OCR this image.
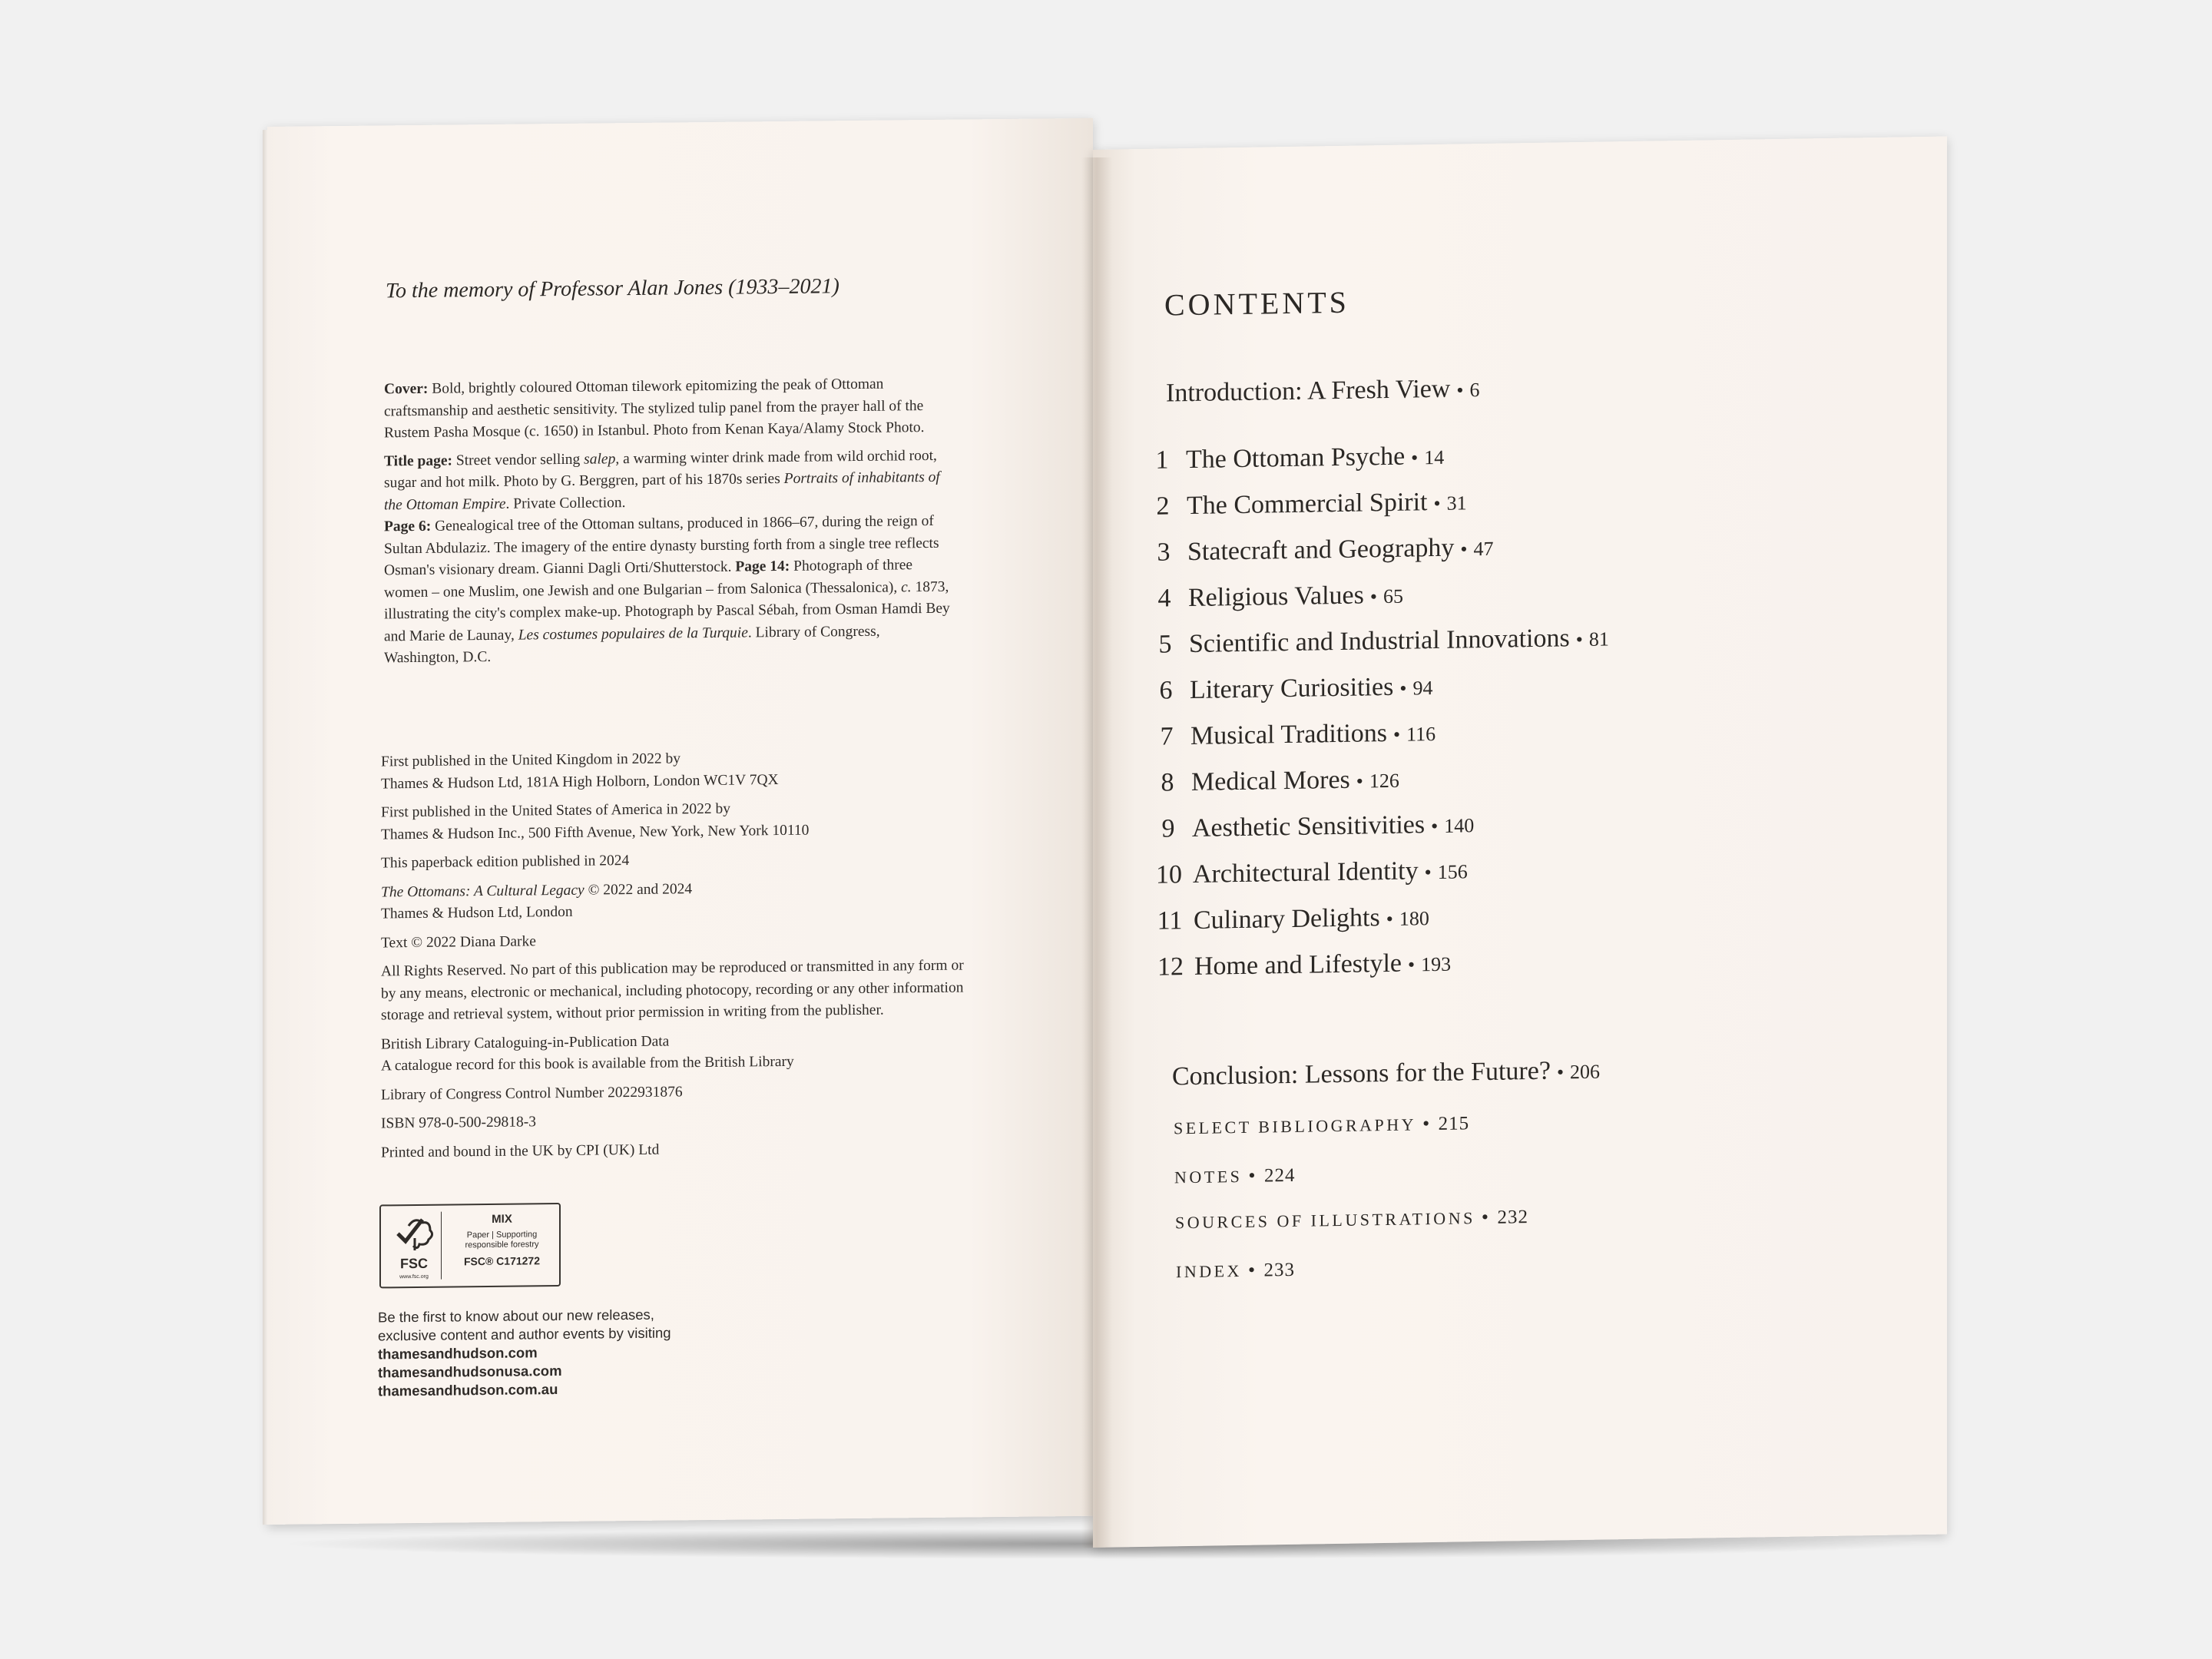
To the memory of Professor Alan Jones (1933–2021)

Cover: Bold, brightly coloured Ottoman tilework epitomizing the peak of Ottoman craftsmanship and aesthetic sensitivity. The stylized tulip panel from the prayer hall of the Rustem Pasha Mosque (c. 1650) in Istanbul. Photo from Kenan Kaya/Alamy Stock Photo.

Title page: Street vendor selling salep, a warming winter drink made from wild orchid root, sugar and hot milk. Photo by G. Berggren, part of his 1870s series Portraits of inhabitants of the Ottoman Empire. Private Collection.
Page 6: Genealogical tree of the Ottoman sultans, produced in 1866–67, during the reign of Sultan Abdulaziz. The imagery of the entire dynasty bursting forth from a single tree reflects Osman's visionary dream. Gianni Dagli Orti/Shutterstock. Page 14: Photograph of three women – one Muslim, one Jewish and one Bulgarian – from Salonica (Thessalonica), c. 1873, illustrating the city's complex make-up. Photograph by Pascal Sébah, from Osman Hamdi Bey and Marie de Launay, Les costumes populaires de la Turquie. Library of Congress, Washington, D.C.

First published in the United Kingdom in 2022 by
Thames & Hudson Ltd, 181A High Holborn, London WC1V 7QX

First published in the United States of America in 2022 by
Thames & Hudson Inc., 500 Fifth Avenue, New York, New York 10110

This paperback edition published in 2024

The Ottomans: A Cultural Legacy © 2022 and 2024
Thames & Hudson Ltd, London

Text © 2022 Diana Darke

All Rights Reserved. No part of this publication may be reproduced or transmitted in any form or by any means, electronic or mechanical, including photocopy, recording or any other information storage and retrieval system, without prior permission in writing from the publisher.

British Library Cataloguing-in-Publication Data
A catalogue record for this book is available from the British Library

Library of Congress Control Number 2022931876

ISBN 978-0-500-29818-3

Printed and bound in the UK by CPI (UK) Ltd

FSC
www.fsc.org
MIX
Paper | Supporting responsible forestry
FSC® C171272
Be the first to know about our new releases,
exclusive content and author events by visiting
thamesandhudson.com
thamesandhudsonusa.com
thamesandhudson.com.au
CONTENTS
Introduction: A Fresh View • 6
1 The Ottoman Psyche • 14
2 The Commercial Spirit • 31
3 Statecraft and Geography • 47
4 Religious Values • 65
5 Scientific and Industrial Innovations • 81
6 Literary Curiosities • 94
7 Musical Traditions • 116
8 Medical Mores • 126
9 Aesthetic Sensitivities • 140
10 Architectural Identity • 156
11 Culinary Delights • 180
12 Home and Lifestyle • 193
Conclusion: Lessons for the Future? • 206
SELECT BIBLIOGRAPHY • 215
NOTES • 224
SOURCES OF ILLUSTRATIONS • 232
INDEX • 233
